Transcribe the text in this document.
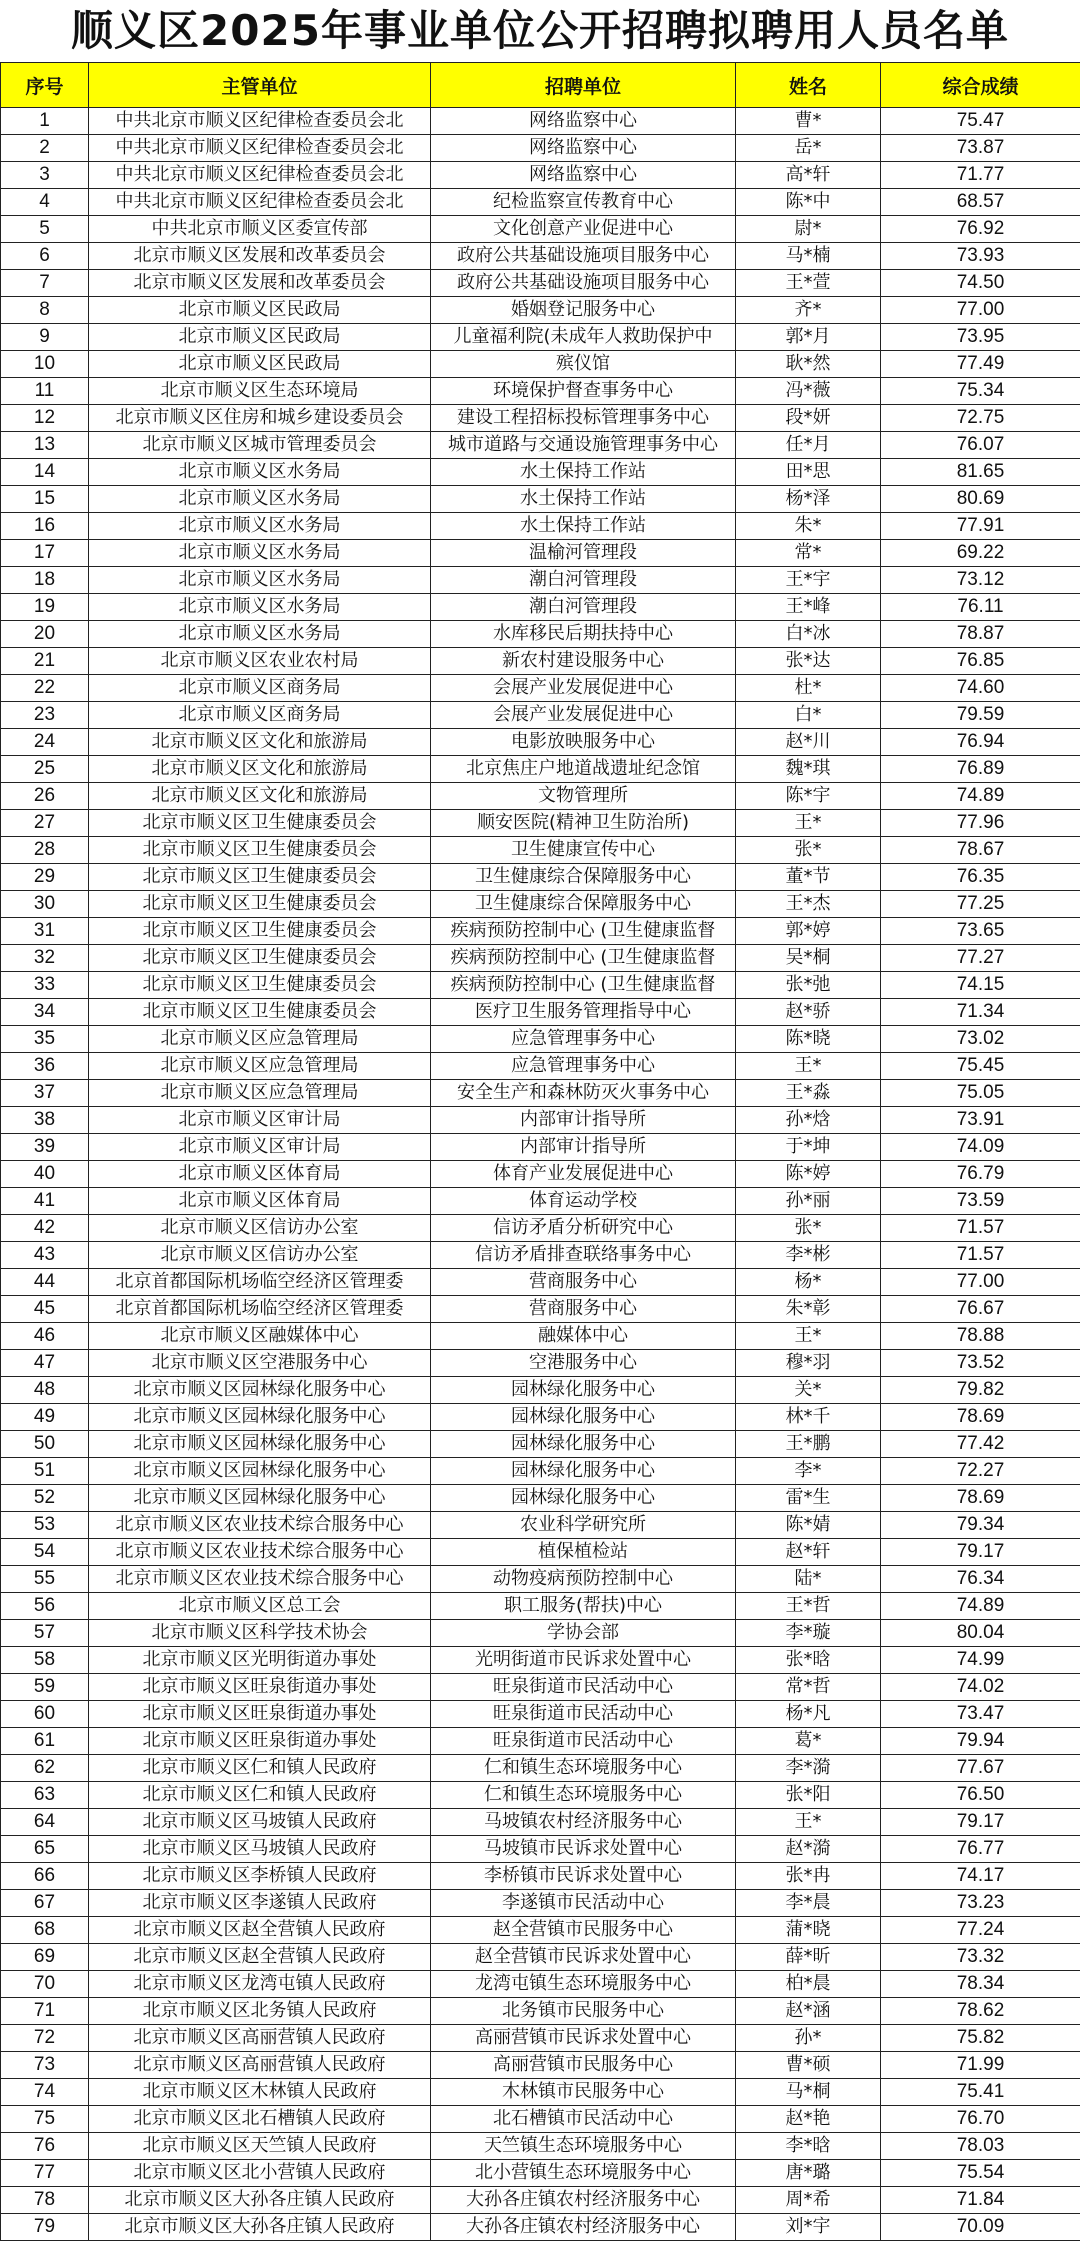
顺义区2025年事业单位公开招聘拟聘用人员名单
序号	主管单位	招聘单位	姓名	综合成绩
1	中共北京市顺义区纪律检查委员会北	网络监察中心	曹*	75.47
2	中共北京市顺义区纪律检查委员会北	网络监察中心	岳*	73.87
3	中共北京市顺义区纪律检查委员会北	网络监察中心	高*轩	71.77
4	中共北京市顺义区纪律检查委员会北	纪检监察宣传教育中心	陈*中	68.57
5	中共北京市顺义区委宣传部	文化创意产业促进中心	尉*	76.92
6	北京市顺义区发展和改革委员会	政府公共基础设施项目服务中心	马*楠	73.93
7	北京市顺义区发展和改革委员会	政府公共基础设施项目服务中心	王*萱	74.50
8	北京市顺义区民政局	婚姻登记服务中心	齐*	77.00
9	北京市顺义区民政局	儿童福利院(未成年人救助保护中	郭*月	73.95
10	北京市顺义区民政局	殡仪馆	耿*然	77.49
11	北京市顺义区生态环境局	环境保护督查事务中心	冯*薇	75.34
12	北京市顺义区住房和城乡建设委员会	建设工程招标投标管理事务中心	段*妍	72.75
13	北京市顺义区城市管理委员会	城市道路与交通设施管理事务中心	任*月	76.07
14	北京市顺义区水务局	水土保持工作站	田*思	81.65
15	北京市顺义区水务局	水土保持工作站	杨*泽	80.69
16	北京市顺义区水务局	水土保持工作站	朱*	77.91
17	北京市顺义区水务局	温榆河管理段	常*	69.22
18	北京市顺义区水务局	潮白河管理段	王*宇	73.12
19	北京市顺义区水务局	潮白河管理段	王*峰	76.11
20	北京市顺义区水务局	水库移民后期扶持中心	白*冰	78.87
21	北京市顺义区农业农村局	新农村建设服务中心	张*达	76.85
22	北京市顺义区商务局	会展产业发展促进中心	杜*	74.60
23	北京市顺义区商务局	会展产业发展促进中心	白*	79.59
24	北京市顺义区文化和旅游局	电影放映服务中心	赵*川	76.94
25	北京市顺义区文化和旅游局	北京焦庄户地道战遗址纪念馆	魏*琪	76.89
26	北京市顺义区文化和旅游局	文物管理所	陈*宇	74.89
27	北京市顺义区卫生健康委员会	顺安医院(精神卫生防治所)	王*	77.96
28	北京市顺义区卫生健康委员会	卫生健康宣传中心	张*	78.67
29	北京市顺义区卫生健康委员会	卫生健康综合保障服务中心	董*节	76.35
30	北京市顺义区卫生健康委员会	卫生健康综合保障服务中心	王*杰	77.25
31	北京市顺义区卫生健康委员会	疾病预防控制中心 (卫生健康监督	郭*婷	73.65
32	北京市顺义区卫生健康委员会	疾病预防控制中心 (卫生健康监督	吴*桐	77.27
33	北京市顺义区卫生健康委员会	疾病预防控制中心 (卫生健康监督	张*弛	74.15
34	北京市顺义区卫生健康委员会	医疗卫生服务管理指导中心	赵*骄	71.34
35	北京市顺义区应急管理局	应急管理事务中心	陈*晓	73.02
36	北京市顺义区应急管理局	应急管理事务中心	王*	75.45
37	北京市顺义区应急管理局	安全生产和森林防灭火事务中心	王*淼	75.05
38	北京市顺义区审计局	内部审计指导所	孙*焓	73.91
39	北京市顺义区审计局	内部审计指导所	于*坤	74.09
40	北京市顺义区体育局	体育产业发展促进中心	陈*婷	76.79
41	北京市顺义区体育局	体育运动学校	孙*丽	73.59
42	北京市顺义区信访办公室	信访矛盾分析研究中心	张*	71.57
43	北京市顺义区信访办公室	信访矛盾排查联络事务中心	李*彬	71.57
44	北京首都国际机场临空经济区管理委	营商服务中心	杨*	77.00
45	北京首都国际机场临空经济区管理委	营商服务中心	朱*彰	76.67
46	北京市顺义区融媒体中心	融媒体中心	王*	78.88
47	北京市顺义区空港服务中心	空港服务中心	穆*羽	73.52
48	北京市顺义区园林绿化服务中心	园林绿化服务中心	关*	79.82
49	北京市顺义区园林绿化服务中心	园林绿化服务中心	林*千	78.69
50	北京市顺义区园林绿化服务中心	园林绿化服务中心	王*鹏	77.42
51	北京市顺义区园林绿化服务中心	园林绿化服务中心	李*	72.27
52	北京市顺义区园林绿化服务中心	园林绿化服务中心	雷*生	78.69
53	北京市顺义区农业技术综合服务中心	农业科学研究所	陈*婧	79.34
54	北京市顺义区农业技术综合服务中心	植保植检站	赵*轩	79.17
55	北京市顺义区农业技术综合服务中心	动物疫病预防控制中心	陆*	76.34
56	北京市顺义区总工会	职工服务(帮扶)中心	王*哲	74.89
57	北京市顺义区科学技术协会	学协会部	李*璇	80.04
58	北京市顺义区光明街道办事处	光明街道市民诉求处置中心	张*晗	74.99
59	北京市顺义区旺泉街道办事处	旺泉街道市民活动中心	常*哲	74.02
60	北京市顺义区旺泉街道办事处	旺泉街道市民活动中心	杨*凡	73.47
61	北京市顺义区旺泉街道办事处	旺泉街道市民活动中心	葛*	79.94
62	北京市顺义区仁和镇人民政府	仁和镇生态环境服务中心	李*漪	77.67
63	北京市顺义区仁和镇人民政府	仁和镇生态环境服务中心	张*阳	76.50
64	北京市顺义区马坡镇人民政府	马坡镇农村经济服务中心	王*	79.17
65	北京市顺义区马坡镇人民政府	马坡镇市民诉求处置中心	赵*漪	76.77
66	北京市顺义区李桥镇人民政府	李桥镇市民诉求处置中心	张*冉	74.17
67	北京市顺义区李遂镇人民政府	李遂镇市民活动中心	李*晨	73.23
68	北京市顺义区赵全营镇人民政府	赵全营镇市民服务中心	蒲*晓	77.24
69	北京市顺义区赵全营镇人民政府	赵全营镇市民诉求处置中心	薛*昕	73.32
70	北京市顺义区龙湾屯镇人民政府	龙湾屯镇生态环境服务中心	柏*晨	78.34
71	北京市顺义区北务镇人民政府	北务镇市民服务中心	赵*涵	78.62
72	北京市顺义区高丽营镇人民政府	高丽营镇市民诉求处置中心	孙*	75.82
73	北京市顺义区高丽营镇人民政府	高丽营镇市民服务中心	曹*硕	71.99
74	北京市顺义区木林镇人民政府	木林镇市民服务中心	马*桐	75.41
75	北京市顺义区北石槽镇人民政府	北石槽镇市民活动中心	赵*艳	76.70
76	北京市顺义区天竺镇人民政府	天竺镇生态环境服务中心	李*晗	78.03
77	北京市顺义区北小营镇人民政府	北小营镇生态环境服务中心	唐*璐	75.54
78	北京市顺义区大孙各庄镇人民政府	大孙各庄镇农村经济服务中心	周*希	71.84
79	北京市顺义区大孙各庄镇人民政府	大孙各庄镇农村经济服务中心	刘*宇	70.09
